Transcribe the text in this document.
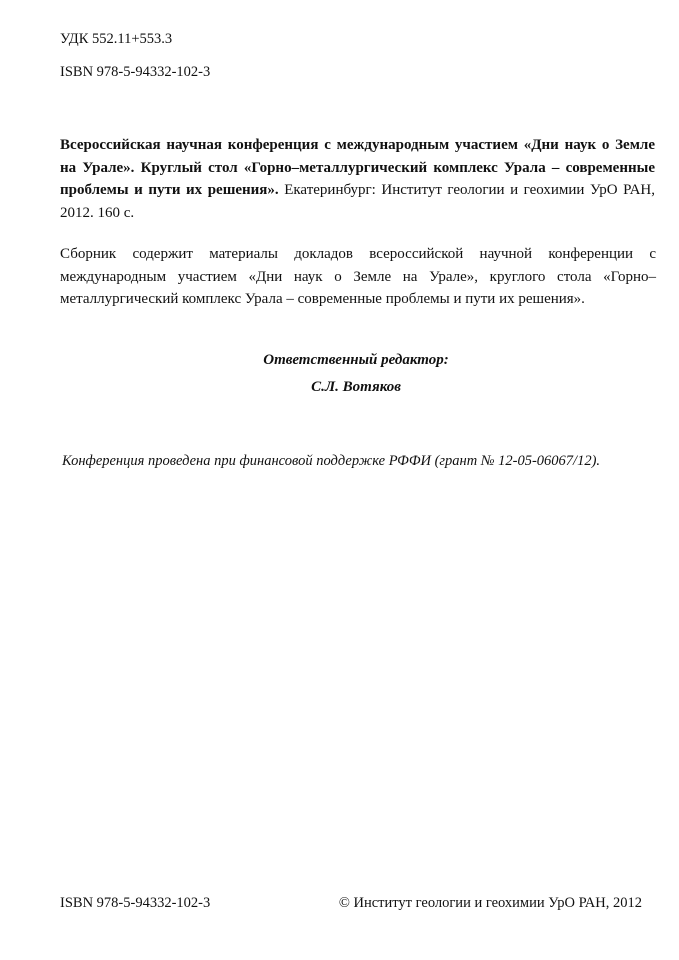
УДК 552.11+553.3
ISBN 978-5-94332-102-3
Всероссийская научная конференция с международным участием «Дни наук о Земле на Урале». Круглый стол «Горно–металлургический комплекс Урала – современные проблемы и пути их решения». Екатеринбург: Институт геологии и геохимии УрО РАН, 2012. 160 с.
Сборник содержит материалы докладов всероссийской научной конференции с международным участием «Дни наук о Земле на Урале», круглого стола «Горно–металлургический комплекс Урала – современные проблемы и пути их решения».
Ответственный редактор:
С.Л. Вотяков
Конференция проведена при финансовой поддержке РФФИ (грант № 12-05-06067/12).
ISBN 978-5-94332-102-3	© Институт геологии и геохимии УрО РАН, 2012
